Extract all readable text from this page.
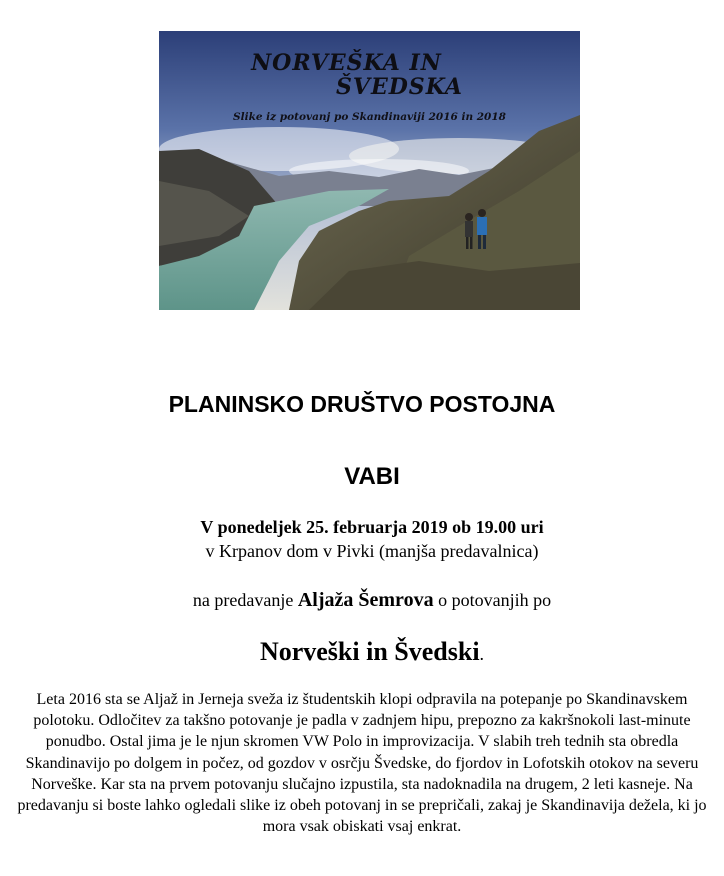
NORVEŠKA IN
ŠVEDSKA
Slike iz potovanj po Skandinaviji 2016 in 2018
PLANINSKO DRUŠTVO POSTOJNA
VABI
V ponedeljek 25. februarja 2019 ob 19.00 uri
v Krpanov dom v Pivki (manjša predavalnica)
na predavanje Aljaža Šemrova o potovanjih po
Norveški in Švedski.
Leta 2016 sta se Aljaž in Jerneja sveža iz študentskih klopi odpravila na potepanje po Skandinavskem polotoku. Odločitev za takšno potovanje je padla v zadnjem hipu, prepozno za kakršnokoli last-minute ponudbo. Ostal jima je le njun skromen VW Polo in improvizacija. V slabih treh tednih sta obredla Skandinavijo po dolgem in počez, od gozdov v osrčju Švedske, do fjordov in Lofotskih otokov na severu Norveške. Kar sta na prvem potovanju slučajno izpustila, sta nadoknadila na drugem, 2 leti kasneje. Na predavanju si boste lahko ogledali slike iz obeh potovanj in se prepričali, zakaj je Skandinavija dežela, ki jo mora vsak obiskati vsaj enkrat.
